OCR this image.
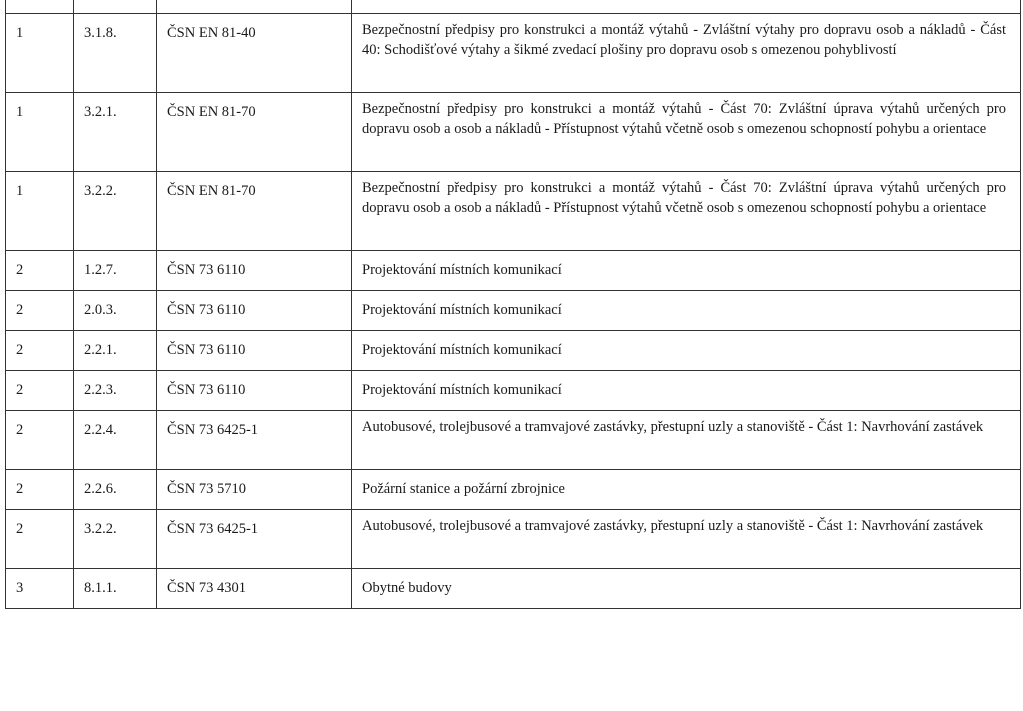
1	3.1.8.	ČSN EN 81-40	Bezpečnostní předpisy pro konstrukci a montáž výtahů - Zvláštní výtahy pro dopravu osob a nákladů - Část 40: Schodišťové výtahy a šikmé zvedací plošiny pro dopravu osob s omezenou pohyblivostí

1	3.2.1.	ČSN EN 81-70	Bezpečnostní předpisy pro konstrukci a montáž výtahů - Část 70: Zvláštní úprava výtahů určených pro dopravu osob a osob a nákladů - Přístupnost výtahů včetně osob s omezenou schopností pohybu a orientace

1	3.2.2.	ČSN EN 81-70	Bezpečnostní předpisy pro konstrukci a montáž výtahů - Část 70: Zvláštní úprava výtahů určených pro dopravu osob a osob a nákladů - Přístupnost výtahů včetně osob s omezenou schopností pohybu a orientace

2	1.2.7.	ČSN 73 6110	Projektování místních komunikací

2	2.0.3.	ČSN 73 6110	Projektování místních komunikací

2	2.2.1.	ČSN 73 6110	Projektování místních komunikací

2	2.2.3.	ČSN 73 6110	Projektování místních komunikací

2	2.2.4.	ČSN 73 6425-1	Autobusové, trolejbusové a tramvajové zastávky, přestupní uzly a stanoviště - Část 1: Navrhování zastávek

2	2.2.6.	ČSN 73 5710	Požární stanice a požární zbrojnice

2	3.2.2.	ČSN 73 6425-1	Autobusové, trolejbusové a tramvajové zastávky, přestupní uzly a stanoviště - Část 1: Navrhování zastávek

3	8.1.1.	ČSN 73 4301	Obytné budovy
